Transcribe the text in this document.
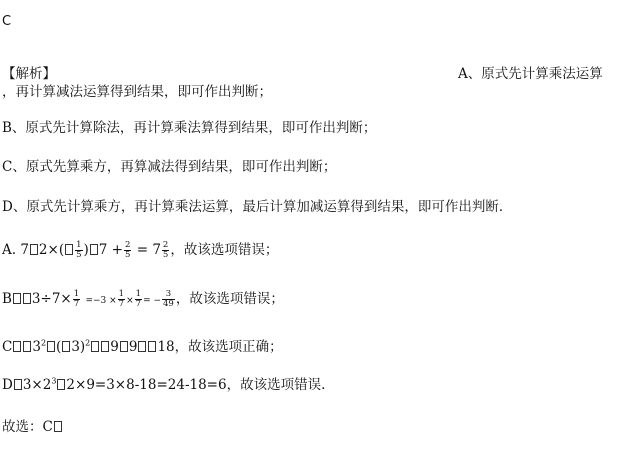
C
【解析】	A、原式先计算乘法运算
，再计算减法运算得到结果，即可作出判断；
B、原式先计算除法，再计算乘法算得到结果，即可作出判断；
C、原式先算乘方，再算减法得到结果，即可作出判断；
D、原式先计算乘方，再计算乘法运算，最后计算加减运算得到结果，即可作出判断．
A. 7 $2\times( \frac{1}{5}$ ) $7 + \frac{2}{5} = 7 \frac{2}{5}$ ，故该选项错误；
B $3\div 7\times \frac{1}{7} =-3 \times \frac{1}{7} \times \frac{1}{7}$ = − $\frac{3}{49}$ ，故该选项错误；
C $3^2$ ( 3)$^2$ 9 9 18，故该选项正确；
D $3\times 2^3$ 2×9=3×8-18=24-18=6，故该选项错误.
故选：C
